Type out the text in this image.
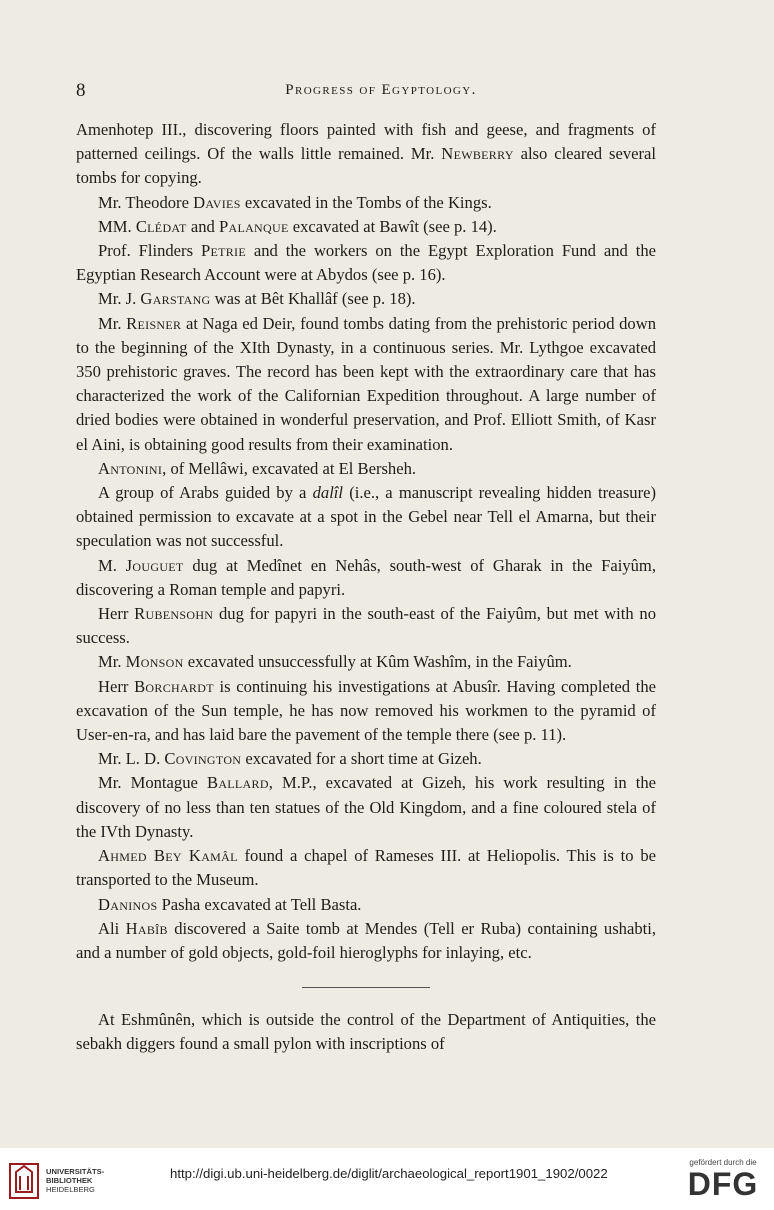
8	Progress of Egyptology.

Amenhotep III., discovering floors painted with fish and geese, and fragments of patterned ceilings. Of the walls little remained. Mr. Newberry also cleared several tombs for copying.

Mr. Theodore Davies excavated in the Tombs of the Kings.

MM. Clédat and Palanque excavated at Bawît (see p. 14).

Prof. Flinders Petrie and the workers on the Egypt Exploration Fund and the Egyptian Research Account were at Abydos (see p. 16).

Mr. J. Garstang was at Bêt Khallâf (see p. 18).

Mr. Reisner at Naga ed Deir, found tombs dating from the prehistoric period down to the beginning of the XIth Dynasty, in a continuous series. Mr. Lythgoe excavated 350 prehistoric graves. The record has been kept with the extraordinary care that has characterized the work of the Californian Expedition throughout. A large number of dried bodies were obtained in wonderful preservation, and Prof. Elliott Smith, of Kasr el Aini, is obtaining good results from their examination.

Antonini, of Mellâwi, excavated at El Bersheh.

A group of Arabs guided by a dalîl (i.e., a manuscript revealing hidden treasure) obtained permission to excavate at a spot in the Gebel near Tell el Amarna, but their speculation was not successful.

M. Jouguet dug at Medînet en Nehâs, south-west of Gharak in the Faiyûm, discovering a Roman temple and papyri.

Herr Rubensohn dug for papyri in the south-east of the Faiyûm, but met with no success.

Mr. Monson excavated unsuccessfully at Kûm Washîm, in the Faiyûm.

Herr Borchardt is continuing his investigations at Abusîr. Having completed the excavation of the Sun temple, he has now removed his workmen to the pyramid of User-en-ra, and has laid bare the pavement of the temple there (see p. 11).

Mr. L. D. Covington excavated for a short time at Gizeh.

Mr. Montague Ballard, M.P., excavated at Gizeh, his work resulting in the discovery of no less than ten statues of the Old Kingdom, and a fine coloured stela of the IVth Dynasty.

Ahmed Bey Kamâl found a chapel of Rameses III. at Heliopolis. This is to be transported to the Museum.

Daninos Pasha excavated at Tell Basta.

Ali Habîb discovered a Saite tomb at Mendes (Tell er Ruba) containing ushabti, and a number of gold objects, gold-foil hieroglyphs for inlaying, etc.

At Eshmûnên, which is outside the control of the Department of Antiquities, the sebakh diggers found a small pylon with inscriptions of

UNIVERSITÄTS-
BIBLIOTHEK
HEIDELBERG
http://digi.ub.uni-heidelberg.de/diglit/archaeological_report1901_1902/0022
gefördert durch die
DFG
